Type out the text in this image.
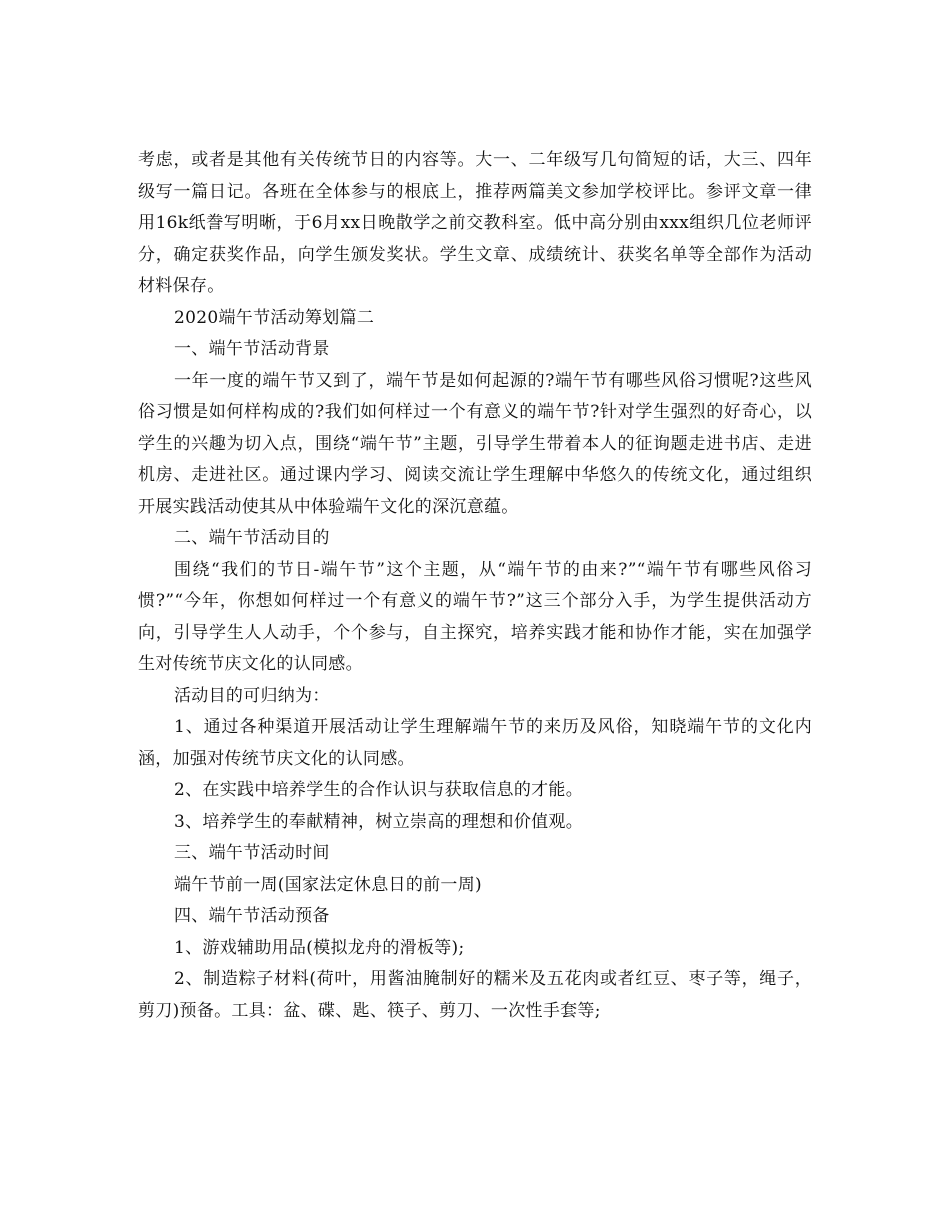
考虑，或者是其他有关传统节日的内容等。大一、二年级写几句简短的话，大三、四年级写一篇日记。各班在全体参与的根底上，推荐两篇美文参加学校评比。参评文章一律用16k纸誊写明晰，于6月xx日晚散学之前交教科室。低中高分别由xxx组织几位老师评分，确定获奖作品，向学生颁发奖状。学生文章、成绩统计、获奖名单等全部作为活动材料保存。

2020端午节活动筹划篇二

一、端午节活动背景

一年一度的端午节又到了，端午节是如何起源的?端午节有哪些风俗习惯呢?这些风俗习惯是如何样构成的?我们如何样过一个有意义的端午节?针对学生强烈的好奇心，以学生的兴趣为切入点，围绕“端午节”主题，引导学生带着本人的征询题走进书店、走进机房、走进社区。通过课内学习、阅读交流让学生理解中华悠久的传统文化，通过组织开展实践活动使其从中体验端午文化的深沉意蕴。

二、端午节活动目的

围绕“我们的节日-端午节”这个主题，从“端午节的由来?”“端午节有哪些风俗习惯?”“今年，你想如何样过一个有意义的端午节?”这三个部分入手，为学生提供活动方向，引导学生人人动手，个个参与，自主探究，培养实践才能和协作才能，实在加强学生对传统节庆文化的认同感。

活动目的可归纳为：

1、通过各种渠道开展活动让学生理解端午节的来历及风俗，知晓端午节的文化内涵，加强对传统节庆文化的认同感。

2、在实践中培养学生的合作认识与获取信息的才能。

3、培养学生的奉献精神，树立崇高的理想和价值观。

三、端午节活动时间

端午节前一周(国家法定休息日的前一周)

四、端午节活动预备

1、游戏辅助用品(模拟龙舟的滑板等);

2、制造粽子材料(荷叶，用酱油腌制好的糯米及五花肉或者红豆、枣子等，绳子，剪刀)预备。工具：盆、碟、匙、筷子、剪刀、一次性手套等;
